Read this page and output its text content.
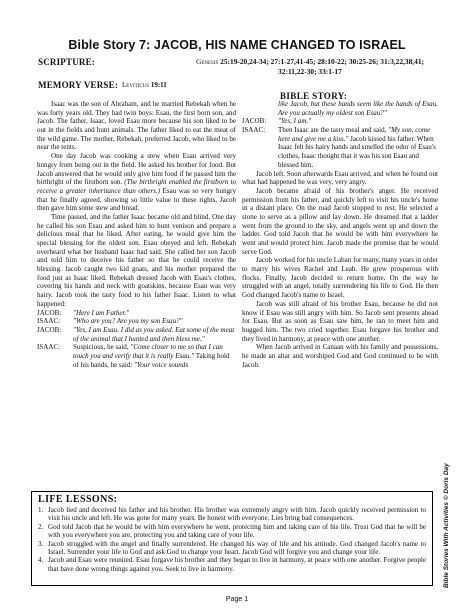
Bible Story 7: JACOB, HIS NAME CHANGED TO ISRAEL
SCRIPTURE:	Genesis 25:19-20,24-34; 27:1-27,41-45; 28:10-22; 30:25-26; 31:3,22,38,41;
32:11,22-30; 33:1-17
MEMORY VERSE: Leviticus 19:11
BIBLE STORY:

Isaac was the son of Abraham, and he married Rebekah when he was forty years old. They had twin boys: Esau, the first born son, and Jacob. The father, Isaac, loved Esau more because his son liked to be out in the fields and hunt animals. The father liked to eat the meat of the wild game. The mother, Rebekah, preferred Jacob, who liked to be near the tents.

One day Jacob was cooking a stew when Esau arrived very hungry from being out in the field. He asked his brother for food. But Jacob answered that he would only give him food if he passed him the birthright of the firstborn son. (The birthright enabled the firstborn to receive a greater inheritance than others.) Esau was so very hungry that he finally agreed, showing so little value to these rights, Jacob then gave him some stew and bread.

Time passed, and the father Isaac became old and blind. One day he called his son Esau and asked him to hunt venison and prepare a delicious meal that he liked. After eating, he would give him the special blessing for the oldest son. Esau obeyed and left. Rebekah overheard what her husband Isaac had said. She called her son Jacob and told him to deceive his father so that he could receive the blessing. Jacob caught two kid goats, and his mother prepared the food just as Isaac liked. Rebekah dressed Jacob with Esau's clothes, covering his hands and neck with goatskins, because Esau was very hairy. Jacob took the tasty food to his father Isaac. Listen to what happened:

JACOB:	"Here I am Father."
ISAAC:	"Who are you? Are you my son Esau?"
JACOB:	"Yes, I am Esau. I did as you asked. Eat some of the meat of the animal that I hunted and then bless me."
ISAAC:	Suspicious, he said, "Come closer to me so that I can touch you and verify that it is really Esau." Taking hold of his hands, he said: "Your voice sounds
like Jacob, but these hands seem like the hands of Esau. Are you actually my oldest son Esau?"
JACOB:	"Yes, I am."
ISAAC:	Then Isaac ate the tasty meal and said, "My son, come here and give me a kiss." Jacob kissed his father. When Isaac felt his hairy hands and smelled the odor of Esau's clothes, Isaac thought that it was his son Esau and blessed him.

Jacob left. Soon afterwards Esau arrived, and when he found out what had happened he was very, very angry.

Jacob became afraid of his brother's anger. He received permission from his father, and quickly left to visit his uncle's home in a distant place. On the road Jacob stopped to rest. He selected a stone to serve as a pillow and lay down. He dreamed that a ladder went from the ground to the sky, and angels went up and down the ladder. God told Jacob that he would be with him everywhere he went and would protect him. Jacob made the promise that he would serve God.

Jacob worked for his uncle Laban for many, many years in order to marry his wives Rachel and Leah. He grew prosperous with flocks. Finally, Jacob decided to return home. On the way he struggled with an angel, totally surrendering his life to God. He then God changed Jacob's name to Israel.

Jacob was still afraid of his brother Esau, because he did not know if Esau was still angry with him. So Jacob sent presents ahead for Esau. But as soon as Esau saw him, he ran to meet him and hugged him. The two cried together. Esau forgave his brother and they lived in harmony, at peace with one another.

When Jacob arrived in Canaan with his family and possessions, he made an altar and worshiped God and God continued to be with Jacob.

LIFE LESSONS:
1. Jacob lied and deceived his father and his brother. His brother was extremely angry with him. Jacob quickly received permission to visit his uncle and left. He was gone for many years. Be honest with everyone. Lies bring bad consequences.
2. God told Jacob that he would be with him everywhere he went, protecting him and taking care of his life. Trust God that he will be with you everywhere you are, protecting you and taking care of your life.
3. Jacob struggled with the angel and finally surrendered. He changed his way of life and his attitude. God changed Jacob's name to Israel. Surrender your life to God and ask God to change your heart. Jacob God will forgive you and change your life.
4. Jacob and Esau were reunited. Esau forgave his brother and they began to live in harmony, at peace with one another. Forgive people that have done wrong things against you. Seek to live in harmony.	Bible Stories With Activities © Doris Day
Page 1
